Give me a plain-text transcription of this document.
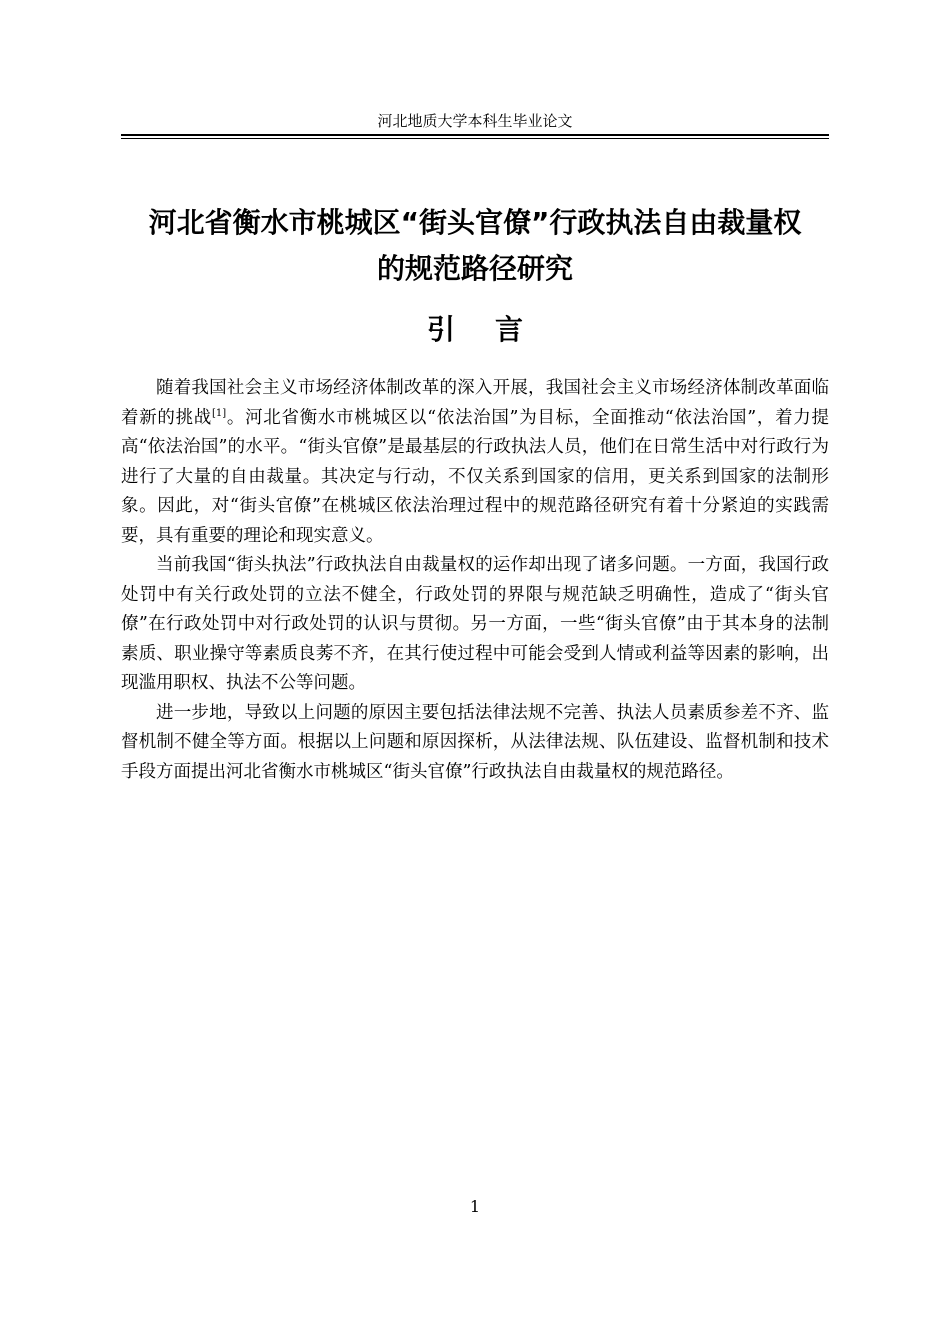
河北地质大学本科生毕业论文
河北省衡水市桃城区“街头官僚”行政执法自由裁量权
的规范路径研究
引言

随着我国社会主义市场经济体制改革的深入开展，我国社会主义市场经济体制改革面临着新的挑战[1]。河北省衡水市桃城区以“依法治国”为目标，全面推动“依法治国”，着力提高“依法治国”的水平。“街头官僚”是最基层的行政执法人员，他们在日常生活中对行政行为进行了大量的自由裁量。其决定与行动，不仅关系到国家的信用，更关系到国家的法制形象。因此，对“街头官僚”在桃城区依法治理过程中的规范路径研究有着十分紧迫的实践需要，具有重要的理论和现实意义。

当前我国“街头执法”行政执法自由裁量权的运作却出现了诸多问题。一方面，我国行政处罚中有关行政处罚的立法不健全，行政处罚的界限与规范缺乏明确性，造成了“街头官僚”在行政处罚中对行政处罚的认识与贯彻。另一方面，一些“街头官僚”由于其本身的法制素质、职业操守等素质良莠不齐，在其行使过程中可能会受到人情或利益等因素的影响，出现滥用职权、执法不公等问题。

进一步地，导致以上问题的原因主要包括法律法规不完善、执法人员素质参差不齐、监督机制不健全等方面。根据以上问题和原因探析，从法律法规、队伍建设、监督机制和技术手段方面提出河北省衡水市桃城区“街头官僚”行政执法自由裁量权的规范路径。

1
